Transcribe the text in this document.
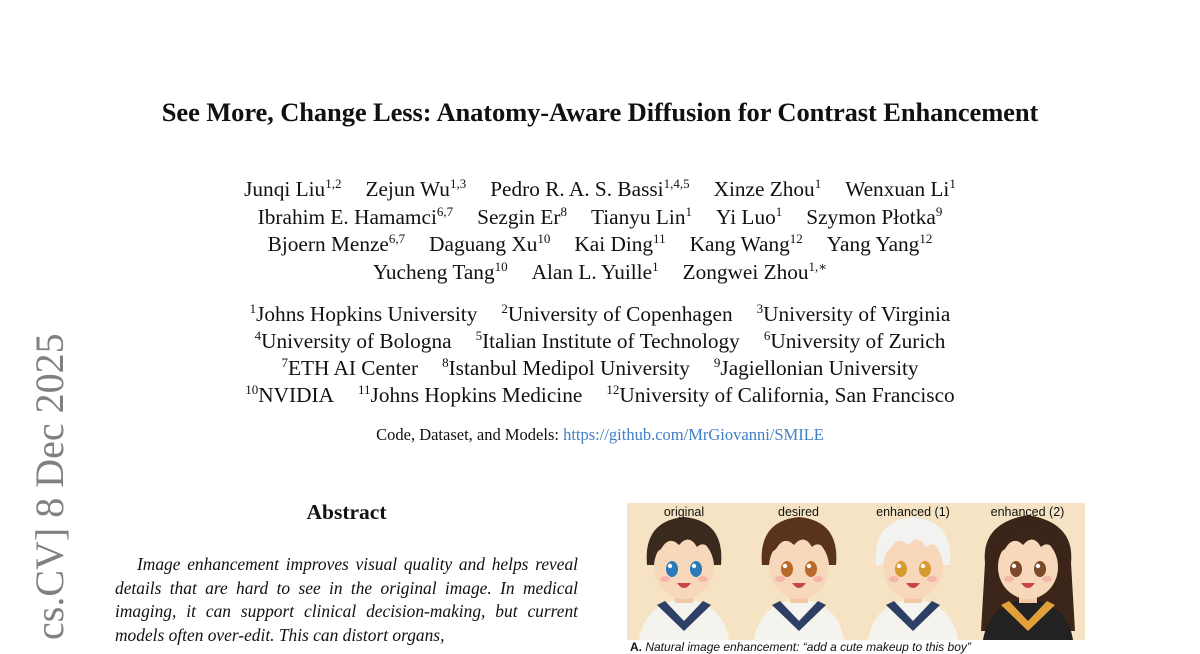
cs.CV] 8 Dec 2025
See More, Change Less: Anatomy-Aware Diffusion for Contrast Enhancement
Junqi Liu$^{1,2}$ Zejun Wu$^{1,3}$ Pedro R. A. S. Bassi$^{1,4,5}$ Xinze Zhou$^1$ Wenxuan Li$^1$
Ibrahim E. Hamamci$^{6,7}$ Sezgin Er$^8$ Tianyu Lin$^1$ Yi Luo$^1$ Szymon Płotka$^9$
Bjoern Menze$^{6,7}$ Daguang Xu$^{10}$ Kai Ding$^{11}$ Kang Wang$^{12}$ Yang Yang$^{12}$
Yucheng Tang$^{10}$ Alan L. Yuille$^1$ Zongwei Zhou$^{1,∗}$
$^1$Johns Hopkins University $^2$University of Copenhagen $^3$University of Virginia
$^4$University of Bologna $^5$Italian Institute of Technology $^6$University of Zurich
$^7$ETH AI Center $^8$Istanbul Medipol University $^9$Jagiellonian University
$^{10}$NVIDIA $^{11}$Johns Hopkins Medicine $^{12}$University of California, San Francisco
Code, Dataset, and Models: https://github.com/MrGiovanni/SMILE
Abstract
Image enhancement improves visual quality and helps reveal details that are hard to see in the original image. In medical imaging, it can support clinical decision-making, but current models often over-edit. This can distort organs,
original	desired	enhanced (1)	enhanced (2)
A. Natural image enhancement: “add a cute makeup to this boy”
